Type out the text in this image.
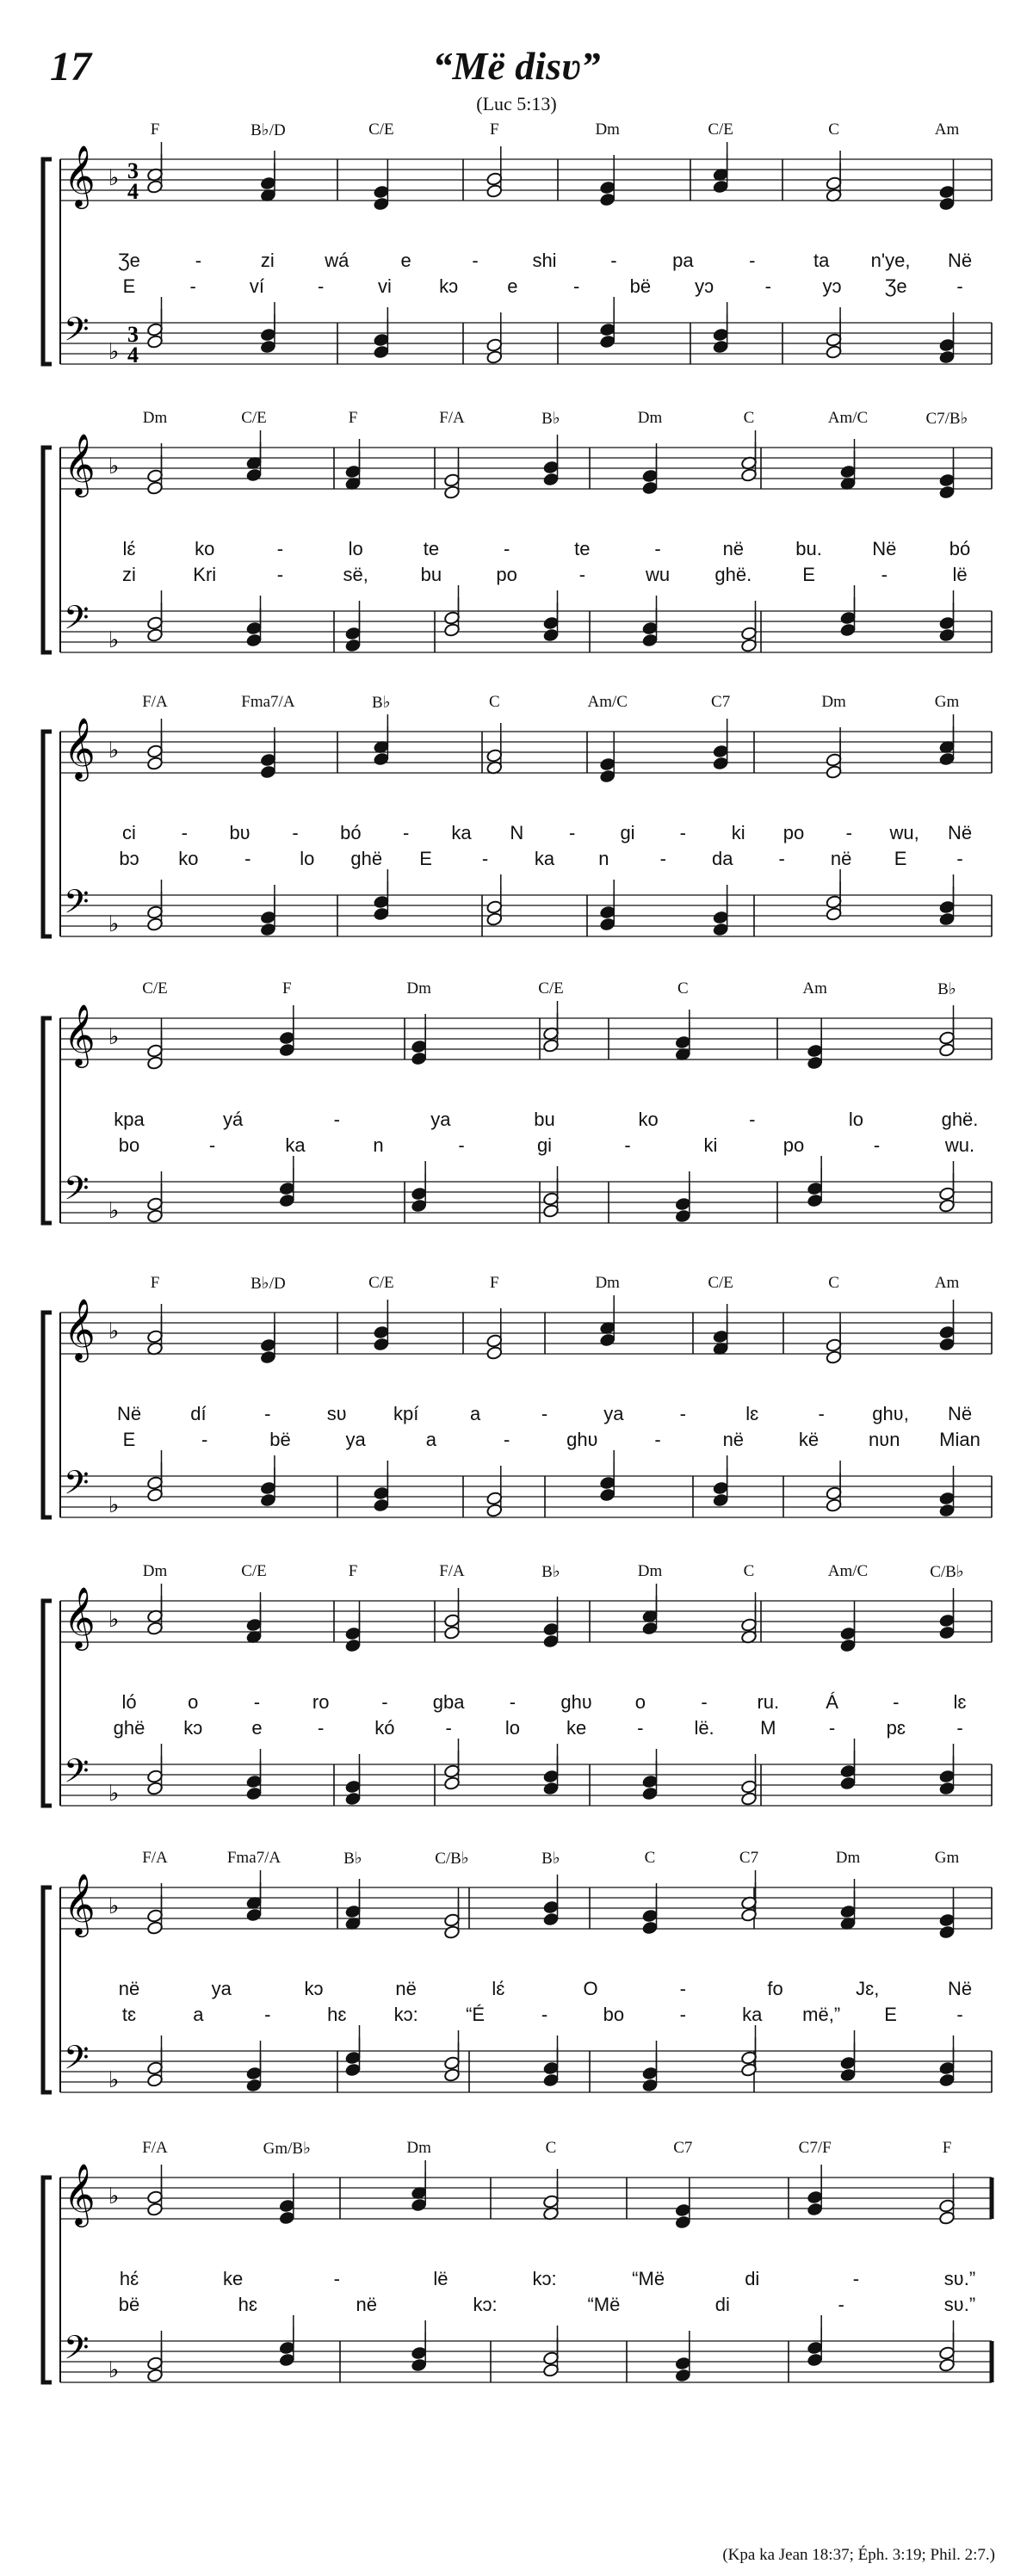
17	“Më disʋ”
(Luc 5:13)
𝄞
𝄢
♭
♭
3
4
3
4
F	B♭/D	C/E	F	Dm	C/E	C	Am
Ʒe	-	zi	wá	e	-	shi	-	pa	-	ta n'ye, Në
E	-	ví	-	vi	kɔ	e	-	bë yɔ	-	yɔ Ʒe	-
𝄞
𝄢
♭
♭
Dm	C/E	F	F/A	B♭	Dm	C	Am/C	C7/B♭
lɛ́	ko	-	lo	te	-	te	-	në	bu.	Në	bó
zi	Kri	-	së,	bu	po	-	wu ghë.	E	-	lë
𝄞
𝄢
♭
♭
F/A	Fma7/A	B♭	C	Am/C	C7	Dm	Gm
ci - bʋ - bó - ka N - gi - ki po - wu, Në
bɔ ko -	lo ghë E	- ka n	- da - në E	-
𝄞
𝄢
♭
♭
C/E	F	Dm	C/E	C	Am	B♭
kpa	yá	-	ya	bu	ko	-	lo	ghë.
bo	-	ka	n	-	gi	-	ki	po	-	wu.
𝄞
𝄢
♭
♭
F	B♭/D	C/E	F	Dm	C/E	C	Am
Në	dí	-	sʋ kpí	a	-	ya	-	lɛ	-	ghʋ, Në
E	-	bë	ya	a	-	ghʋ	-	në	kë	nʋn Mian
𝄞
𝄢
♭
♭
Dm	C/E	F	F/A	B♭	Dm	C	Am/C	C/B♭
ló	o	-	ro	- gba - ghʋ o	-	ru. Á	-	lɛ
ghë kɔ	e	-	kó	-	lo ke	-	lë. M	-	pɛ	-
𝄞
𝄢
♭
♭
F/A	Fma7/A	B♭	C/B♭	B♭	C	C7	Dm	Gm
në	ya	kɔ	në	lɛ́	O	-	fo	Jɛ,	Në
tɛ	a	-	hɛ	kɔ:	“É	-	bo	-	ka më,” E	-
𝄞
𝄢
♭
♭
F/A	Gm/B♭	Dm	C	C7	C7/F	F
hɛ́	ke	-	lë	kɔ:	“Më	di	-	sʋ.”
bë	hɛ	në	kɔ:	“Më	di	-	sʋ.”
(Kpa ka Jean 18:37; Éph. 3:19; Phil. 2:7.)
